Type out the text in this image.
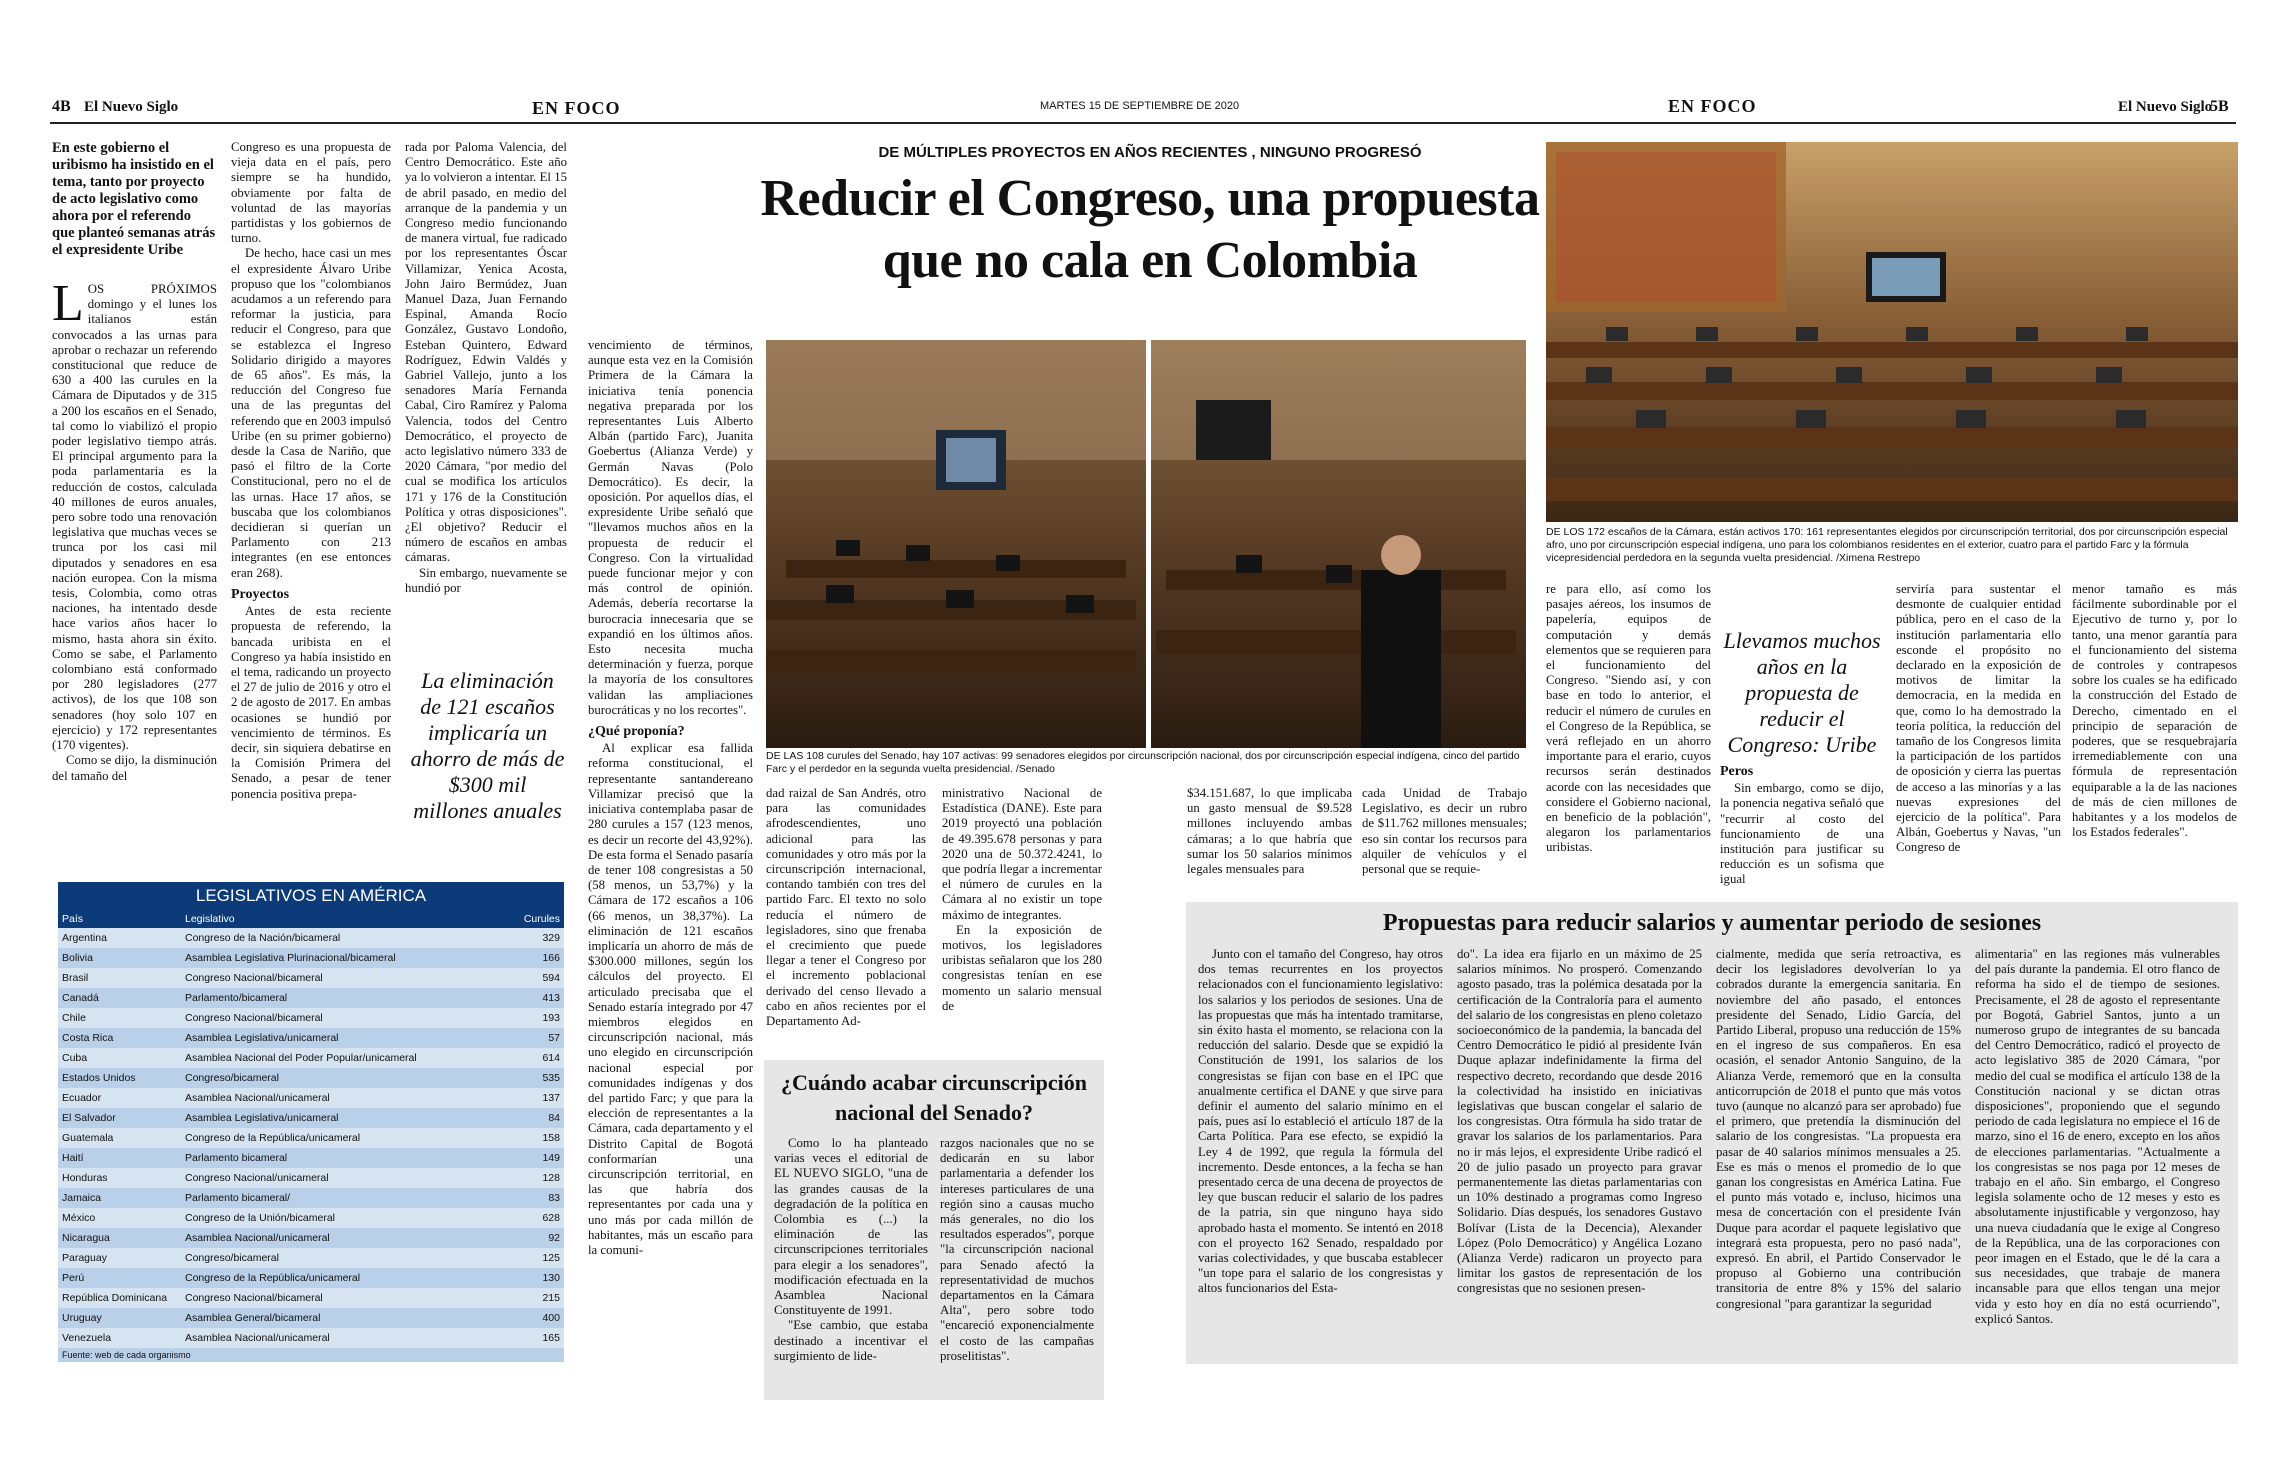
4B El Nuevo Siglo	EN FOCO	MARTES 15 DE SEPTIEMBRE DE 2020	EN FOCO	El Nuevo Siglo
5B
En este gobierno el uribismo ha insistido en el tema, tanto por proyecto de acto legislativo como ahora por el referendo que planteó semanas atrás el expresidente Uribe

LOS PRÓXIMOS domingo y el lunes los italianos están convocados a las urnas para aprobar o rechazar un referendo constitucional que reduce de 630 a 400 las curules en la Cámara de Diputados y de 315 a 200 los escaños en el Senado, tal como lo viabilizó el propio poder legislativo tiempo atrás. El principal argumento para la poda parlamentaria es la reducción de costos, calculada 40 millones de euros anuales, pero sobre todo una renovación legislativa que muchas veces se trunca por los casi mil diputados y senadores en esa nación europea. Con la misma tesis, Colombia, como otras naciones, ha intentado desde hace varios años hacer lo mismo, hasta ahora sin éxito. Como se sabe, el Parlamento colombiano está conformado por 280 legisladores (277 activos), de los que 108 son senadores (hoy solo 107 en ejercicio) y 172 representantes (170 vigentes).

Como se dijo, la disminución del tamaño del

Congreso es una propuesta de vieja data en el país, pero siempre se ha hundido, obviamente por falta de voluntad de las mayorías partidistas y los gobiernos de turno.

De hecho, hace casi un mes el expresidente Álvaro Uribe propuso que los "colombianos acudamos a un referendo para reformar la justicia, para reducir el Congreso, para que se establezca el Ingreso Solidario dirigido a mayores de 65 años". Es más, la reducción del Congreso fue una de las preguntas del referendo que en 2003 impulsó Uribe (en su primer gobierno) desde la Casa de Nariño, que pasó el filtro de la Corte Constitucional, pero no el de las urnas. Hace 17 años, se buscaba que los colombianos decidieran si querían un Parlamento con 213 integrantes (en ese entonces eran 268).

Proyectos

Antes de esta reciente propuesta de referendo, la bancada uribista en el Congreso ya había insistido en el tema, radicando un proyecto el 27 de julio de 2016 y otro el 2 de agosto de 2017. En ambas ocasiones se hundió por vencimiento de términos. Es decir, sin siquiera debatirse en la Comisión Primera del Senado, a pesar de tener ponencia positiva prepa-

rada por Paloma Valencia, del Centro Democrático. Este año ya lo volvieron a intentar. El 15 de abril pasado, en medio del arranque de la pandemia y un Congreso medio funcionando de manera virtual, fue radicado por los representantes Óscar Villamizar, Yenica Acosta, John Jairo Bermúdez, Juan Manuel Daza, Juan Fernando Espinal, Amanda Rocío González, Gustavo Londoño, Esteban Quintero, Edward Rodríguez, Edwin Valdés y Gabriel Vallejo, junto a los senadores María Fernanda Cabal, Ciro Ramírez y Paloma Valencia, todos del Centro Democrático, el proyecto de acto legislativo número 333 de 2020 Cámara, "por medio del cual se modifica los artículos 171 y 176 de la Constitución Política y otras disposiciones". ¿El objetivo? Reducir el número de escaños en ambas cámaras.

Sin embargo, nuevamente se hundió por

La eliminación de 121 escaños implicaría un ahorro de más de $300 mil millones anuales
LEGISLATIVOS EN AMÉRICA
País	Legislativo	Curules
Argentina	Congreso de la Nación/bicameral	329
Bolivia	Asamblea Legislativa Plurinacional/bicameral	166
Brasil	Congreso Nacional/bicameral	594
Canadá	Parlamento/bicameral	413
Chile	Congreso Nacional/bicameral	193
Costa Rica	Asamblea Legislativa/unicameral	57
Cuba	Asamblea Nacional del Poder Popular/unicameral	614
Estados Unidos	Congreso/bicameral	535
Ecuador	Asamblea Nacional/unicameral	137
El Salvador	Asamblea Legislativa/unicameral	84
Guatemala	Congreso de la República/unicameral	158
Haití	Parlamento bicameral	149
Honduras	Congreso Nacional/unicameral	128
Jamaica	Parlamento bicameral/	83
México	Congreso de la Unión/bicameral	628
Nicaragua	Asamblea Nacional/unicameral	92
Paraguay	Congreso/bicameral	125
Perú	Congreso de la República/unicameral	130
República Dominicana	Congreso Nacional/bicameral	215
Uruguay	Asamblea General/bicameral	400
Venezuela	Asamblea Nacional/unicameral	165
Fuente: web de cada organismo
DE MÚLTIPLES PROYECTOS EN AÑOS RECIENTES , NINGUNO PROGRESÓ
Reducir el Congreso, una propuesta
que no cala en Colombia

vencimiento de términos, aunque esta vez en la Comisión Primera de la Cámara la iniciativa tenía ponencia negativa preparada por los representantes Luis Alberto Albán (partido Farc), Juanita Goebertus (Alianza Verde) y Germán Navas (Polo Democrático). Es decir, la oposición. Por aquellos días, el expresidente Uribe señaló que "llevamos muchos años en la propuesta de reducir el Congreso. Con la virtualidad puede funcionar mejor y con más control de opinión. Además, debería recortarse la burocracia innecesaria que se expandió en los últimos años. Esto necesita mucha determinación y fuerza, porque la mayoría de los consultores validan las ampliaciones burocráticas y no los recortes".

¿Qué proponía?

Al explicar esa fallida reforma constitucional, el representante santandereano Villamizar precisó que la iniciativa contemplaba pasar de 280 curules a 157 (123 menos, es decir un recorte del 43,92%). De esta forma el Senado pasaría de tener 108 congresistas a 50 (58 menos, un 53,7%) y la Cámara de 172 escaños a 106 (66 menos, un 38,37%). La eliminación de 121 escaños implicaría un ahorro de más de $300.000 millones, según los cálculos del proyecto. El articulado precisaba que el Senado estaría integrado por 47 miembros elegidos en circunscripción nacional, más uno elegido en circunscripción nacional especial por comunidades indígenas y dos del partido Farc; y que para la elección de representantes a la Cámara, cada departamento y el Distrito Capital de Bogotá conformarían una circunscripción territorial, en las que habría dos representantes por cada una y uno más por cada millón de habitantes, más un escaño para la comuni-

DE LAS 108 curules del Senado, hay 107 activas: 99 senadores elegidos por circunscripción nacional, dos por circunscripción especial indígena, cinco del partido Farc y el perdedor en la segunda vuelta presidencial. /Senado

dad raizal de San Andrés, otro para las comunidades afrodescendientes, uno adicional para las comunidades y otro más por la circunscripción internacional, contando también con tres del partido Farc. El texto no solo reducía el número de legisladores, sino que frenaba el crecimiento que puede llegar a tener el Congreso por el incremento poblacional derivado del censo llevado a cabo en años recientes por el Departamento Ad-

ministrativo Nacional de Estadística (DANE). Este para 2019 proyectó una población de 49.395.678 personas y para 2020 una de 50.372.4241, lo que podría llegar a incrementar el número de curules en la Cámara al no existir un tope máximo de integrantes.

En la exposición de motivos, los legisladores uribistas señalaron que los 280 congresistas tenían en ese momento un salario mensual de

$34.151.687, lo que implicaba un gasto mensual de $9.528 millones incluyendo ambas cámaras; a lo que habría que sumar los 50 salarios mínimos legales mensuales para

cada Unidad de Trabajo Legislativo, es decir un rubro de $11.762 millones mensuales; eso sin contar los recursos para alquiler de vehículos y el personal que se requie-

¿Cuándo acabar circunscripción nacional del Senado?

Como lo ha planteado varias veces el editorial de EL NUEVO SIGLO, "una de las grandes causas de la degradación de la política en Colombia es (...) la eliminación de las circunscripciones territoriales para elegir a los senadores", modificación efectuada en la Asamblea Nacional Constituyente de 1991.

"Ese cambio, que estaba destinado a incentivar el surgimiento de lide-

razgos nacionales que no se dedicarán en su labor parlamentaria a defender los intereses particulares de una región sino a causas mucho más generales, no dio los resultados esperados", porque "la circunscripción nacional para Senado afectó la representatividad de muchos departamentos en la Cámara Alta", pero sobre todo "encareció exponencialmente el costo de las campañas proselitistas".

DE LOS 172 escaños de la Cámara, están activos 170: 161 representantes elegidos por circunscripción territorial, dos por circunscripción especial afro, uno por circunscripción especial indígena, uno para los colombianos residentes en el exterior, cuatro para el partido Farc y la fórmula vicepresidencial perdedora en la segunda vuelta presidencial. /Ximena Restrepo

re para ello, así como los pasajes aéreos, los insumos de papelería, equipos de computación y demás elementos que se requieren para el funcionamiento del Congreso. "Siendo así, y con base en todo lo anterior, el reducir el número de curules en el Congreso de la República, se verá reflejado en un ahorro importante para el erario, cuyos recursos serán destinados acorde con las necesidades que considere el Gobierno nacional, en beneficio de la población", alegaron los parlamentarios uribistas.

Llevamos muchos años en la propuesta de reducir el Congreso: Uribe
Peros

Sin embargo, como se dijo, la ponencia negativa señaló que "recurrir al costo del funcionamiento de una institución para justificar su reducción es un sofisma que igual

serviría para sustentar el desmonte de cualquier entidad pública, pero en el caso de la institución parlamentaria ello esconde el propósito no declarado en la exposición de motivos de limitar la democracia, en la medida en que, como lo ha demostrado la teoría política, la reducción del tamaño de los Congresos limita la participación de los partidos de oposición y cierra las puertas de acceso a las minorías y a las nuevas expresiones del ejercicio de la política". Para Albán, Goebertus y Navas, "un Congreso de

menor tamaño es más fácilmente subordinable por el Ejecutivo de turno y, por lo tanto, una menor garantía para el funcionamiento del sistema de controles y contrapesos sobre los cuales se ha edificado la construcción del Estado de Derecho, cimentado en el principio de separación de poderes, que se resquebrajaría irremediablemente con una fórmula de representación equiparable a la de las naciones de más de cien millones de habitantes y a los modelos de los Estados federales".

Propuestas para reducir salarios y aumentar periodo de sesiones

Junto con el tamaño del Congreso, hay otros dos temas recurrentes en los proyectos relacionados con el funcionamiento legislativo: los salarios y los periodos de sesiones. Una de las propuestas que más ha intentado tramitarse, sin éxito hasta el momento, se relaciona con la reducción del salario. Desde que se expidió la Constitución de 1991, los salarios de los congresistas se fijan con base en el IPC que anualmente certifica el DANE y que sirve para definir el aumento del salario mínimo en el país, pues así lo estableció el artículo 187 de la Carta Política. Para ese efecto, se expidió la Ley 4 de 1992, que regula la fórmula del incremento. Desde entonces, a la fecha se han presentado cerca de una decena de proyectos de ley que buscan reducir el salario de los padres de la patria, sin que ninguno haya sido aprobado hasta el momento. Se intentó en 2018 con el proyecto 162 Senado, respaldado por varias colectividades, y que buscaba establecer "un tope para el salario de los congresistas y altos funcionarios del Esta-

do". La idea era fijarlo en un máximo de 25 salarios mínimos. No prosperó. Comenzando agosto pasado, tras la polémica desatada por la certificación de la Contraloría para el aumento del salario de los congresistas en pleno coletazo socioeconómico de la pandemia, la bancada del Centro Democrático le pidió al presidente Iván Duque aplazar indefinidamente la firma del respectivo decreto, recordando que desde 2016 la colectividad ha insistido en iniciativas legislativas que buscan congelar el salario de los congresistas. Otra fórmula ha sido tratar de gravar los salarios de los parlamentarios. Para no ir más lejos, el expresidente Uribe radicó el 20 de julio pasado un proyecto para gravar permanentemente las dietas parlamentarias con un 10% destinado a programas como Ingreso Solidario. Días después, los senadores Gustavo Bolívar (Lista de la Decencia), Alexander López (Polo Democrático) y Angélica Lozano (Alianza Verde) radicaron un proyecto para limitar los gastos de representación de los congresistas que no sesionen presen-

cialmente, medida que sería retroactiva, es decir los legisladores devolverían lo ya cobrados durante la emergencia sanitaria. En noviembre del año pasado, el entonces presidente del Senado, Lidio García, del Partido Liberal, propuso una reducción de 15% en el ingreso de sus compañeros. En esa ocasión, el senador Antonio Sanguino, de la Alianza Verde, rememoró que en la consulta anticorrupción de 2018 el punto que más votos tuvo (aunque no alcanzó para ser aprobado) fue el primero, que pretendía la disminución del salario de los congresistas. "La propuesta era pasar de 40 salarios mínimos mensuales a 25. Ese es más o menos el promedio de lo que ganan los congresistas en América Latina. Fue el punto más votado e, incluso, hicimos una mesa de concertación con el presidente Iván Duque para acordar el paquete legislativo que integrará esta propuesta, pero no pasó nada", expresó. En abril, el Partido Conservador le propuso al Gobierno una contribución transitoria de entre 8% y 15% del salario congresional "para garantizar la seguridad

alimentaria" en las regiones más vulnerables del país durante la pandemia. El otro flanco de reforma ha sido el de tiempo de sesiones. Precisamente, el 28 de agosto el representante por Bogotá, Gabriel Santos, junto a un numeroso grupo de integrantes de su bancada del Centro Democrático, radicó el proyecto de acto legislativo 385 de 2020 Cámara, "por medio del cual se modifica el artículo 138 de la Constitución nacional y se dictan otras disposiciones", proponiendo que el segundo periodo de cada legislatura no empiece el 16 de marzo, sino el 16 de enero, excepto en los años de elecciones parlamentarias. "Actualmente a los congresistas se nos paga por 12 meses de trabajo en el año. Sin embargo, el Congreso legisla solamente ocho de 12 meses y esto es absolutamente injustificable y vergonzoso, hay una nueva ciudadanía que le exige al Congreso de la República, una de las corporaciones con peor imagen en el Estado, que le dé la cara a sus necesidades, que trabaje de manera incansable para que ellos tengan una mejor vida y esto hoy en día no está ocurriendo", explicó Santos.
